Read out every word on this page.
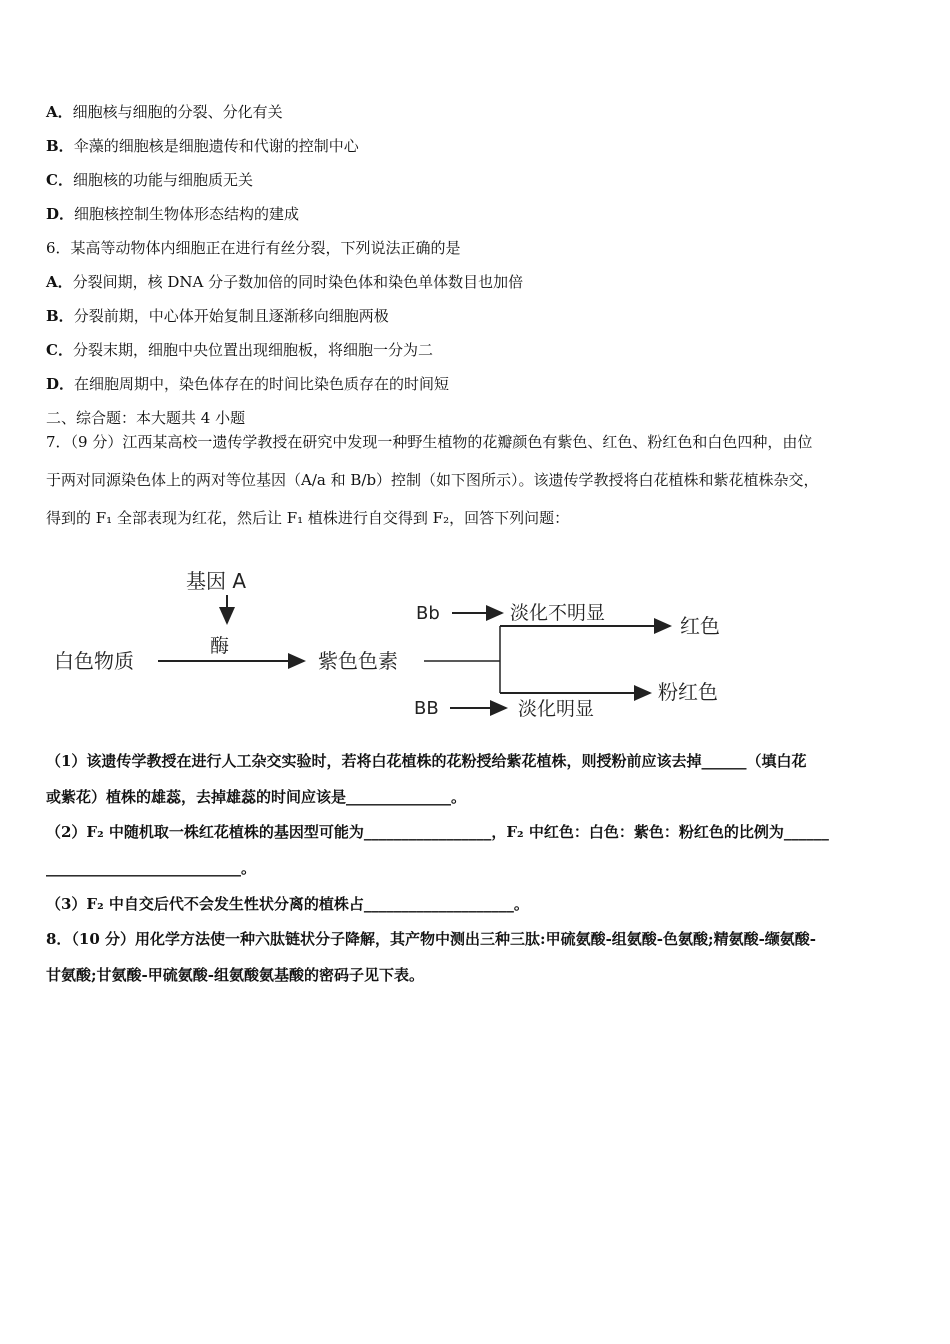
A．细胞核与细胞的分裂、分化有关
B．伞藻的细胞核是细胞遗传和代谢的控制中心
C．细胞核的功能与细胞质无关
D．细胞核控制生物体形态结构的建成
6．某高等动物体内细胞正在进行有丝分裂，下列说法正确的是
A．分裂间期，核 DNA 分子数加倍的同时染色体和染色单体数目也加倍
B．分裂前期，中心体开始复制且逐渐移向细胞两极
C．分裂末期，细胞中央位置出现细胞板，将细胞一分为二
D．在细胞周期中，染色体存在的时间比染色质存在的时间短
二、综合题：本大题共 4 小题
7．（9 分）江西某高校一遗传学教授在研究中发现一种野生植物的花瓣颜色有紫色、红色、粉红色和白色四种，由位
于两对同源染色体上的两对等位基因（A/a 和 B/b）控制（如下图所示）。该遗传学教授将白花植株和紫花植株杂交，
得到的 F₁ 全部表现为红花，然后让 F₁ 植株进行自交得到 F₂，回答下列问题：
基因 A
酶
白色物质	紫色色素
Bb	淡化不明显
红色
BB	淡化明显
粉红色
（1）该遗传学教授在进行人工杂交实验时，若将白花植株的花粉授给紫花植株，则授粉前应该去掉______（填白花
或紫花）植株的雄蕊，去掉雄蕊的时间应该是______________。
（2）F₂ 中随机取一株红花植株的基因型可能为_________________，F₂ 中红色：白色：紫色：粉红色的比例为______
__________________________。
（3）F₂ 中自交后代不会发生性状分离的植株占____________________。
8．（10 分）用化学方法使一种六肽链状分子降解，其产物中测出三种三肽:甲硫氨酸-组氨酸-色氨酸;精氨酸-缬氨酸-
甘氨酸;甘氨酸-甲硫氨酸-组氨酸氨基酸的密码子见下表。
